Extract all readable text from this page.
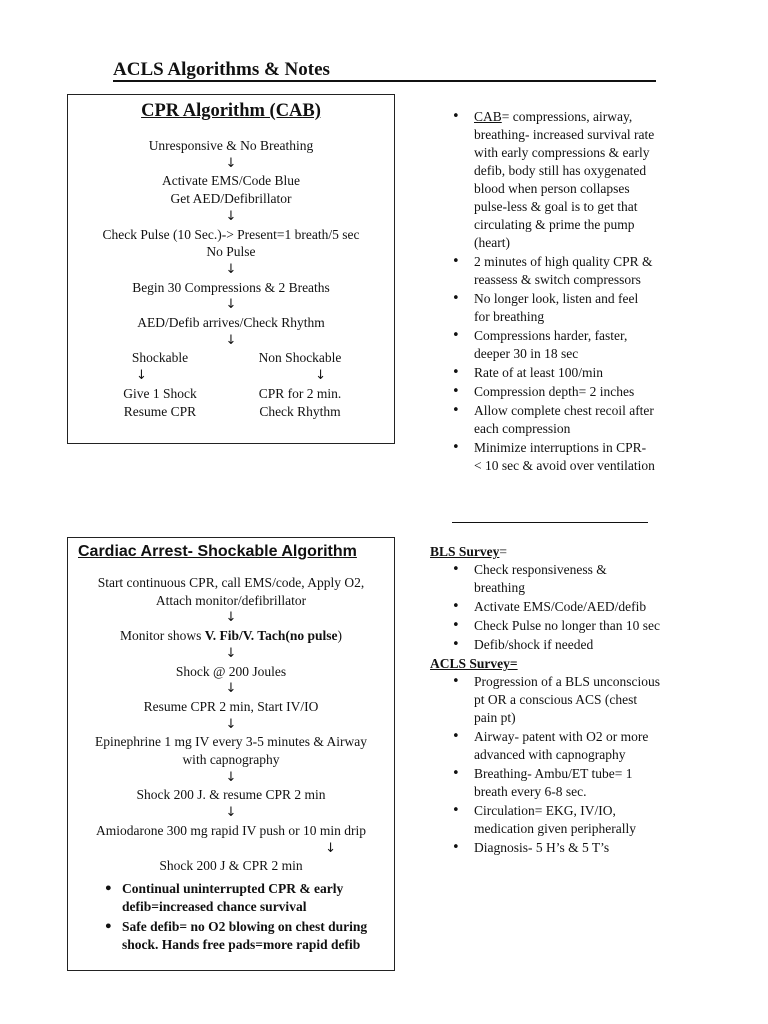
ACLS Algorithms & Notes
CPR Algorithm (CAB)
Unresponsive & No Breathing
↓
Activate EMS/Code Blue
Get AED/Defibrillator
↓
Check Pulse (10 Sec.)-> Present=1 breath/5 sec
No Pulse
↓
Begin 30 Compressions & 2 Breaths
↓
AED/Defib arrives/Check Rhythm
↓
Shockable
↓
Give 1 Shock
Resume CPR
Non Shockable
↓
CPR for 2 min.
Check Rhythm
• CAB= compressions, airway, breathing- increased survival rate with early compressions & early defib, body still has oxygenated blood when person collapses pulse-less & goal is to get that circulating & prime the pump (heart)
• 2 minutes of high quality CPR & reassess & switch compressors
• No longer look, listen and feel for breathing
• Compressions harder, faster, deeper 30 in 18 sec
• Rate of at least 100/min
• Compression depth= 2 inches
• Allow complete chest recoil after each compression
• Minimize interruptions in CPR- < 10 sec & avoid over ventilation
Cardiac Arrest- Shockable Algorithm
Start continuous CPR, call EMS/code, Apply O2,
Attach monitor/defibrillator
↓
Monitor shows V. Fib/V. Tach(no pulse)
↓
Shock @ 200 Joules
↓
Resume CPR 2 min, Start IV/IO
↓
Epinephrine 1 mg IV every 3-5 minutes & Airway
with capnography
↓
Shock 200 J. & resume CPR 2 min
↓
Amiodarone 300 mg rapid IV push or 10 min drip
↓
Shock 200 J & CPR 2 min
• Continual uninterrupted CPR & early defib=increased chance survival
• Safe defib= no O2 blowing on chest during shock. Hands free pads=more rapid defib
BLS Survey=
• Check responsiveness & breathing
• Activate EMS/Code/AED/defib
• Check Pulse no longer than 10 sec
• Defib/shock if needed
ACLS Survey=
• Progression of a BLS unconscious pt OR a conscious ACS (chest pain pt)
• Airway- patent with O2 or more advanced with capnography
• Breathing- Ambu/ET tube= 1 breath every 6-8 sec.
• Circulation= EKG, IV/IO, medication given peripherally
• Diagnosis- 5 H’s & 5 T’s
